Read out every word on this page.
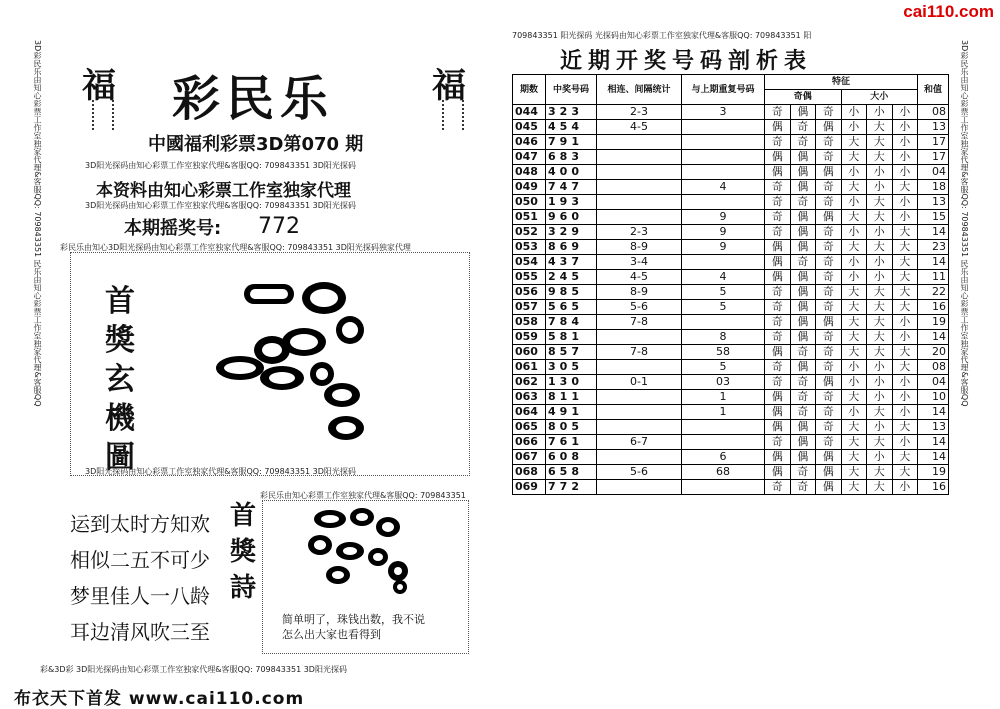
cai110.com
3D彩民乐由知心彩票工作室独家代理&客服QQ: 709843351 民乐由知心彩票工作室独家代理&客服QQ 福	福
彩民乐
中國福利彩票3D第070 期
3D阳光探码由知心彩票工作室独家代理&客服QQ: 709843351 3D阳光探码
本资料由知心彩票工作室独家代理
3D阳光探码由知心彩票工作室独家代理&客服QQ: 709843351 3D阳光探码
本期摇奖号: 772
彩民乐由知心3D阳光探码由知心彩票工作室独家代理&客服QQ: 709843351 3D阳光探码独家代理
首
獎
玄
機
圖
3D阳光探码由知心彩票工作室独家代理&客服QQ: 709843351 3D阳光探码
运到太时方知欢
相似二五不可少
梦里佳人一八龄
耳边清风吹三至
首
獎
詩
彩民乐由知心彩票工作室独家代理&客服QQ: 709843351
简单明了，珠钱出数，我不说
怎么出大家也看得到
彩&3D彩 3D阳光探码由知心彩票工作室独家代理&客服QQ: 709843351 3D阳光探码
布衣天下首发 www.cai110.com
709843351 阳光探码 光探码由知心彩票工作室独家代理&客服QQ: 709843351 阳
近期开奖号码剖析表
期数	中奖号码	相连、间隔统计	与上期重复号码	特征						和值
				奇偶			大小			
044	323	2-3	3	奇	偶	奇	小	小	小	08
045	454	4-5		偶	奇	偶	小	大	小	13
046	791			奇	奇	奇	大	大	小	17
047	683			偶	偶	奇	大	大	小	17
048	400			偶	偶	偶	小	小	小	04
049	747		4	奇	偶	奇	大	小	大	18
050	193			奇	奇	奇	小	大	小	13
051	960		9	奇	偶	偶	大	大	小	15
052	329	2-3	9	奇	偶	奇	小	小	大	14
053	869	8-9	9	偶	偶	奇	大	大	大	23
054	437	3-4		偶	奇	奇	小	小	大	14
055	245	4-5	4	偶	偶	奇	小	小	大	11
056	985	8-9	5	奇	偶	奇	大	大	大	22
057	565	5-6	5	奇	偶	奇	大	大	大	16
058	784	7-8		奇	偶	偶	大	大	小	19
059	581		8	奇	偶	奇	大	大	小	14
060	857	7-8	58	偶	奇	奇	大	大	大	20
061	305		5	奇	偶	奇	小	小	大	08
062	130	0-1	03	奇	奇	偶	小	小	小	04
063	811		1	偶	奇	奇	大	小	小	10
064	491		1	偶	奇	奇	小	大	小	14
065	805			偶	偶	奇	大	小	大	13
066	761	6-7		奇	偶	奇	大	大	小	14
067	608		6	偶	偶	偶	大	小	大	14
068	658	5-6	68	偶	奇	偶	大	大	大	19
069	772			奇	奇	偶	大	大	小	16
3D彩民乐由知心彩票工作室独家代理&客服QQ: 709843351 民乐由知心彩票工作室独家代理&客服QQ
